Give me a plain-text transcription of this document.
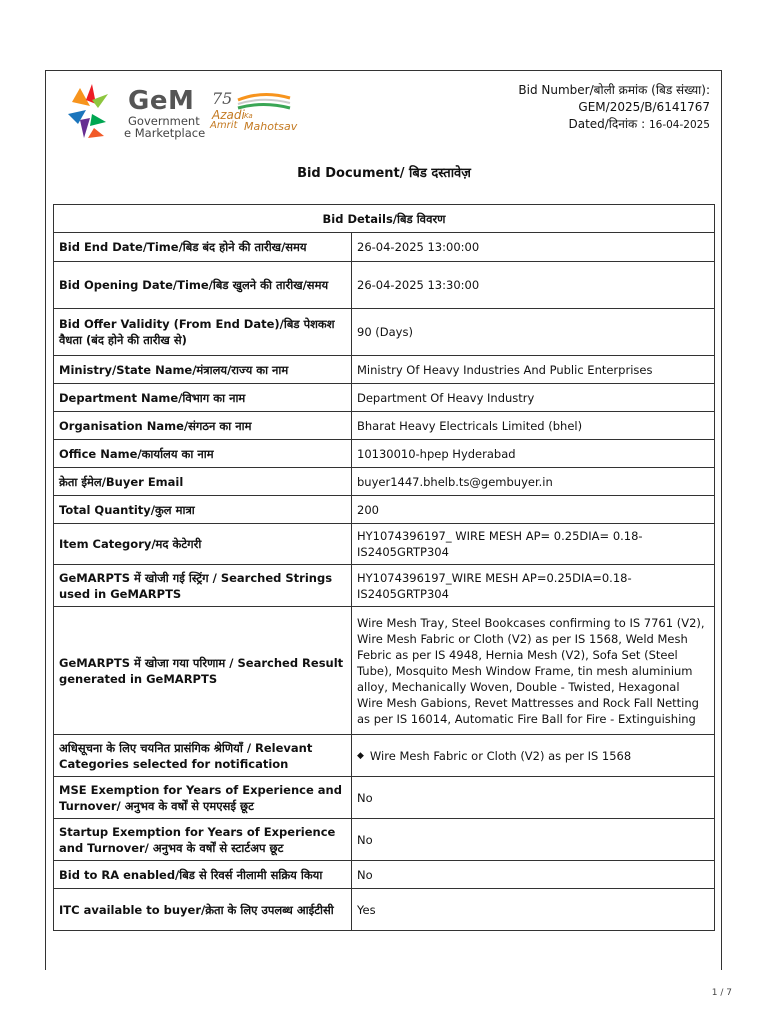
GeM
Government
e Marketplace
75
Azadi Ka
Amrit Mahotsav
Bid Number/बोली क्रमांक (बिड संख्या):
GEM/2025/B/6141767
Dated/दिनांक : 16-04-2025
Bid Document/ बिड दस्तावेज़
Bid Details/बिड विवरण	
Bid End Date/Time/बिड बंद होने की तारीख/समय	26-04-2025 13:00:00
Bid Opening Date/Time/बिड खुलने की तारीख/समय	26-04-2025 13:30:00
Bid Offer Validity (From End Date)/बिड पेशकश वैधता (बंद होने की तारीख से)	90 (Days)
Ministry/State Name/मंत्रालय/राज्य का नाम	Ministry Of Heavy Industries And Public Enterprises
Department Name/विभाग का नाम	Department Of Heavy Industry
Organisation Name/संगठन का नाम	Bharat Heavy Electricals Limited (bhel)
Office Name/कार्यालय का नाम	10130010-hpep Hyderabad
क्रेता ईमेल/Buyer Email	buyer1447.bhelb.ts@gembuyer.in
Total Quantity/कुल मात्रा	200
Item Category/मद केटेगरी	HY1074396197_ WIRE MESH AP= 0.25DIA= 0.18-IS2405GRTP304
GeMARPTS में खोजी गई स्ट्रिंग / Searched Strings used in GeMARPTS	HY1074396197_WIRE MESH AP=0.25DIA=0.18-IS2405GRTP304
GeMARPTS में खोजा गया परिणाम / Searched Result generated in GeMARPTS	Wire Mesh Tray, Steel Bookcases confirming to IS 7761 (V2), Wire Mesh Fabric or Cloth (V2) as per IS 1568, Weld Mesh Febric as per IS 4948, Hernia Mesh (V2), Sofa Set (Steel Tube), Mosquito Mesh Window Frame, tin mesh aluminium alloy, Mechanically Woven, Double - Twisted, Hexagonal Wire Mesh Gabions, Revet Mattresses and Rock Fall Netting as per IS 16014, Automatic Fire Ball for Fire - Extinguishing
अधिसूचना के लिए चयनित प्रासंगिक श्रेणियाँ / Relevant Categories selected for notification	◆ Wire Mesh Fabric or Cloth (V2) as per IS 1568

MSE Exemption for Years of Experience and Turnover/ अनुभव के वर्षों से एमएसई छूट	No
Startup Exemption for Years of Experience and Turnover/ अनुभव के वर्षों से स्टार्टअप छूट	No
Bid to RA enabled/बिड से रिवर्स नीलामी सक्रिय किया	No
ITC available to buyer/क्रेता के लिए उपलब्ध आईटीसी	Yes
1 / 7
